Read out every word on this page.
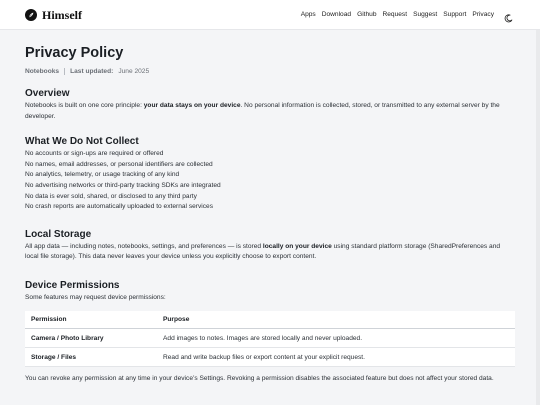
Himself	Apps Download Github Request Suggest Support Privacy
Privacy Policy
Notebooks Last updated: June 2025
Overview

Notebooks is built on one core principle: your data stays on your device. No personal information is collected, stored, or transmitted to any external server by the developer.

What We Do Not Collect
No accounts or sign-ups are required or offered
No names, email addresses, or personal identifiers are collected
No analytics, telemetry, or usage tracking of any kind
No advertising networks or third-party tracking SDKs are integrated
No data is ever sold, shared, or disclosed to any third party
No crash reports are automatically uploaded to external services
Local Storage

All app data — including notes, notebooks, settings, and preferences — is stored locally on your device using standard platform storage (SharedPreferences and local file storage). This data never leaves your device unless you explicitly choose to export content.

Device Permissions

Some features may request device permissions:

Permission	Purpose
Camera / Photo Library	Add images to notes. Images are stored locally and never uploaded.
Storage / Files	Read and write backup files or export content at your explicit request.

You can revoke any permission at any time in your device’s Settings. Revoking a permission disables the associated feature but does not affect your stored data.
